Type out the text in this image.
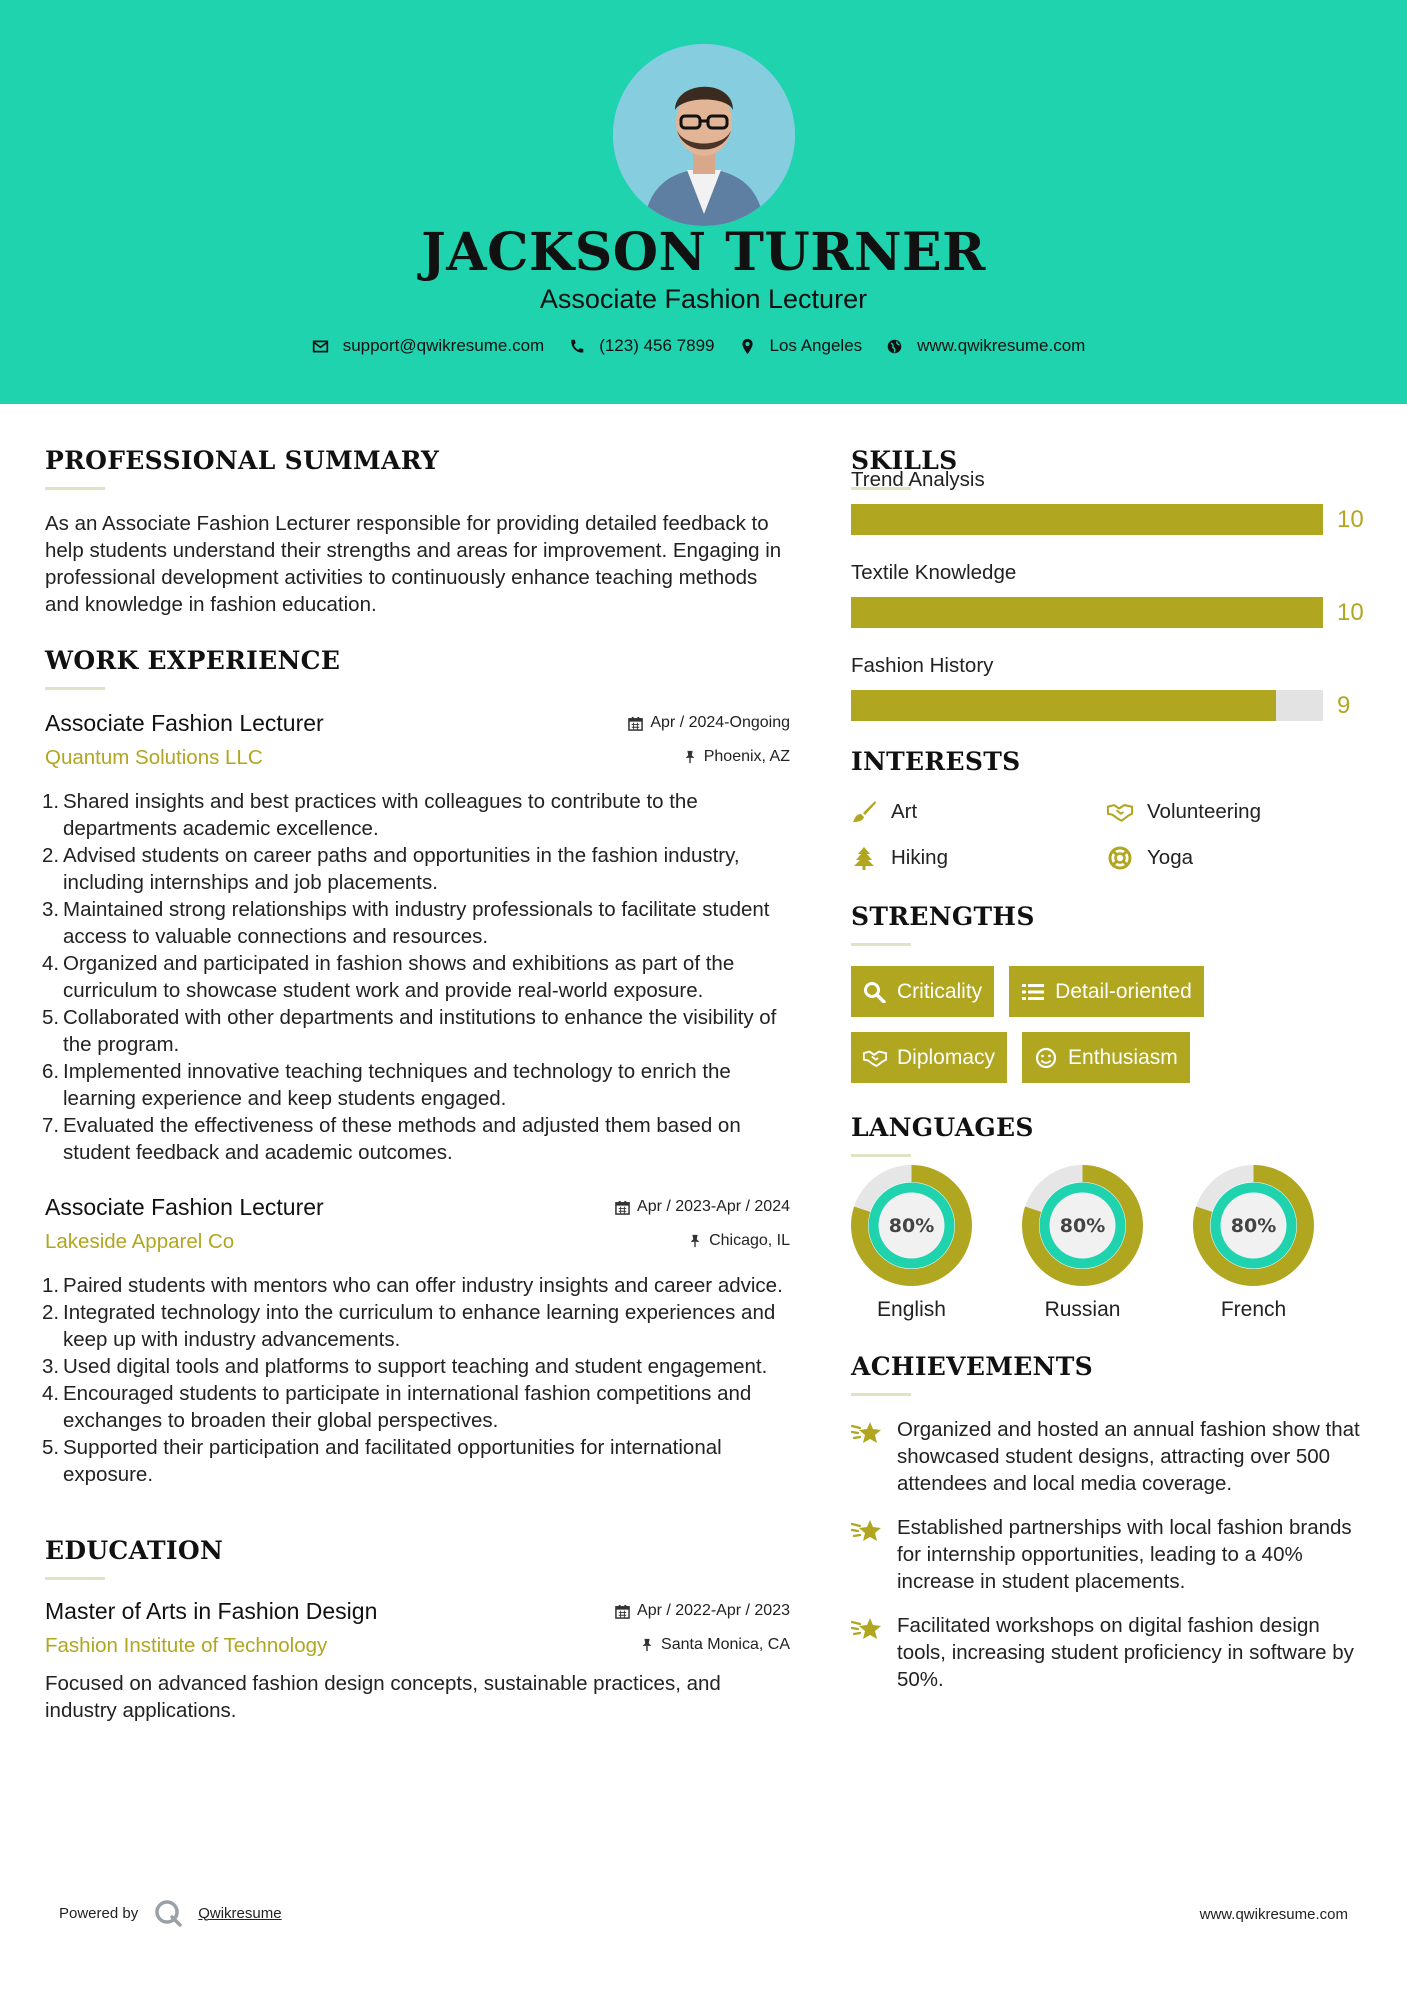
JACKSON TURNER
Associate Fashion Lecturer
support@qwikresume.com	(123) 456 7899	Los Angeles	www.qwikresume.com
PROFESSIONAL SUMMARY
As an Associate Fashion Lecturer responsible for providing detailed feedback to help students understand their strengths and areas for improvement. Engaging in professional development activities to continuously enhance teaching methods and knowledge in fashion education.
WORK EXPERIENCE
Associate Fashion Lecturer	Apr / 2024-Ongoing
Quantum Solutions LLC	Phoenix, AZ
1. Shared insights and best practices with colleagues to contribute to the departments academic excellence.
2. Advised students on career paths and opportunities in the fashion industry, including internships and job placements.
3. Maintained strong relationships with industry professionals to facilitate student access to valuable connections and resources.
4. Organized and participated in fashion shows and exhibitions as part of the curriculum to showcase student work and provide real-world exposure.
5. Collaborated with other departments and institutions to enhance the visibility of the program.
6. Implemented innovative teaching techniques and technology to enrich the learning experience and keep students engaged.
7. Evaluated the effectiveness of these methods and adjusted them based on student feedback and academic outcomes.
Associate Fashion Lecturer	Apr / 2023-Apr / 2024
Lakeside Apparel Co	Chicago, IL
1. Paired students with mentors who can offer industry insights and career advice.
2. Integrated technology into the curriculum to enhance learning experiences and keep up with industry advancements.
3. Used digital tools and platforms to support teaching and student engagement.
4. Encouraged students to participate in international fashion competitions and exchanges to broaden their global perspectives.
5. Supported their participation and facilitated opportunities for international exposure.
EDUCATION
Master of Arts in Fashion Design	Apr / 2022-Apr / 2023
Fashion Institute of Technology	Santa Monica, CA
Focused on advanced fashion design concepts, sustainable practices, and industry applications.
SKILLS
Trend Analysis
10
Textile Knowledge
10
Fashion History
9
INTERESTS
Art	Volunteering
Hiking	Yoga
STRENGTHS
Criticality	Detail-oriented
Diplomacy	Enthusiasm
LANGUAGES
80%
English
80%
Russian
80%
French
ACHIEVEMENTS
Organized and hosted an annual fashion show that showcased student designs, attracting over 500 attendees and local media coverage.
Established partnerships with local fashion brands for internship opportunities, leading to a 40% increase in student placements.
Facilitated workshops on digital fashion design tools, increasing student proficiency in software by 50%.
Powered by	Qwikresume	www.qwikresume.com
